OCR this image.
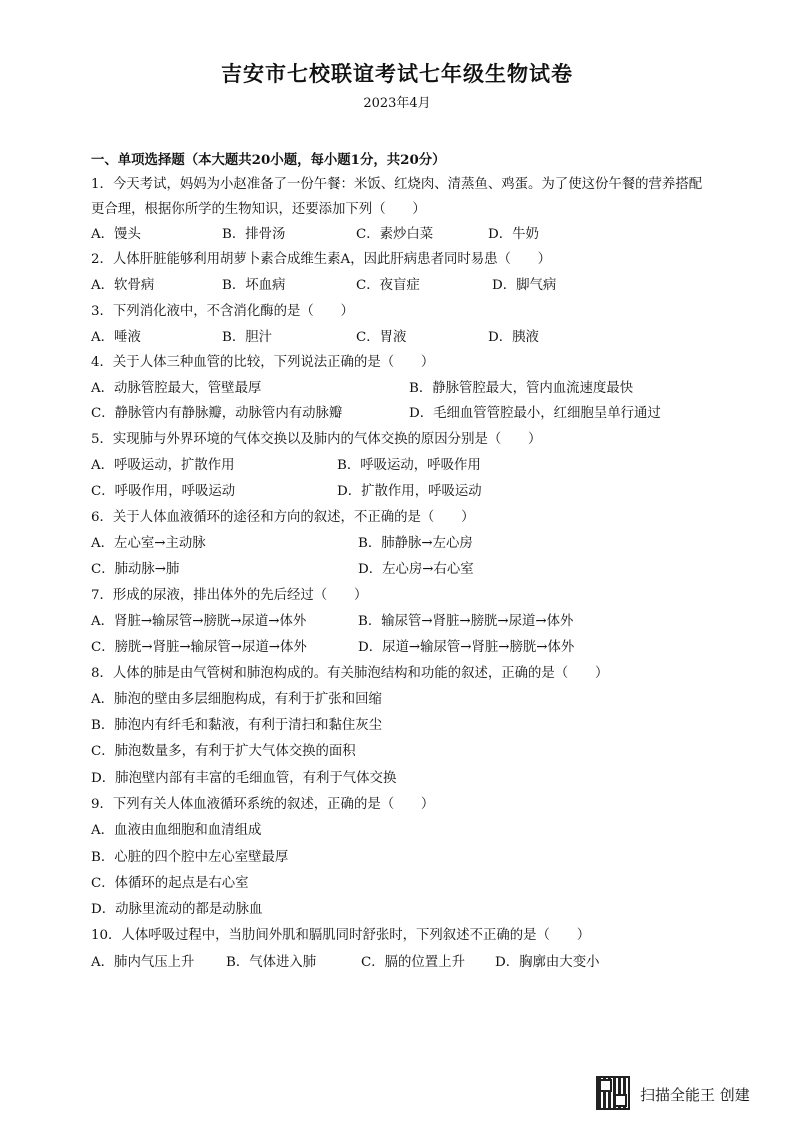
吉安市七校联谊考试七年级生物试卷
2023年4月
一、单项选择题（本大题共20小题，每小题1分，共20分）
1．今天考试，妈妈为小赵准备了一份午餐：米饭、红烧肉、清蒸鱼、鸡蛋。为了使这份午餐的营养搭配
更合理，根据你所学的生物知识，还要添加下列（　　）
A．馒头	B．排骨汤	C．素炒白菜	D．牛奶
2．人体肝脏能够利用胡萝卜素合成维生素A，因此肝病患者同时易患（　　）
A．软骨病	B．坏血病	C．夜盲症	D．脚气病
3．下列消化液中，不含消化酶的是（　　）
A．唾液	B．胆汁	C．胃液	D．胰液
4．关于人体三种血管的比较，下列说法正确的是（　　）
A．动脉管腔最大，管壁最厚	B．静脉管腔最大，管内血流速度最快
C．静脉管内有静脉瓣，动脉管内有动脉瓣	D．毛细血管管腔最小，红细胞呈单行通过
5．实现肺与外界环境的气体交换以及肺内的气体交换的原因分别是（　　）
A．呼吸运动，扩散作用	B．呼吸运动，呼吸作用
C．呼吸作用，呼吸运动	D．扩散作用，呼吸运动
6．关于人体血液循环的途径和方向的叙述，不正确的是（　　）
A．左心室→主动脉	B．肺静脉→左心房
C．肺动脉→肺	D．左心房→右心室
7．形成的尿液，排出体外的先后经过（　　）
A．肾脏→输尿管→膀胱→尿道→体外	B．输尿管→肾脏→膀胱→尿道→体外
C．膀胱→肾脏→输尿管→尿道→体外	D．尿道→输尿管→肾脏→膀胱→体外
8．人体的肺是由气管树和肺泡构成的。有关肺泡结构和功能的叙述，正确的是（　　）
A．肺泡的壁由多层细胞构成，有利于扩张和回缩
B．肺泡内有纤毛和黏液，有利于清扫和黏住灰尘
C．肺泡数量多，有利于扩大气体交换的面积
D．肺泡壁内部有丰富的毛细血管，有利于气体交换
9．下列有关人体血液循环系统的叙述，正确的是（　　）
A．血液由血细胞和血清组成
B．心脏的四个腔中左心室壁最厚
C．体循环的起点是右心室
D．动脉里流动的都是动脉血
10．人体呼吸过程中，当肋间外肌和膈肌同时舒张时，下列叙述不正确的是（　　）
A．肺内气压上升 B．气体进入肺	C．膈的位置上升 D．胸廓由大变小
扫描全能王 创建
